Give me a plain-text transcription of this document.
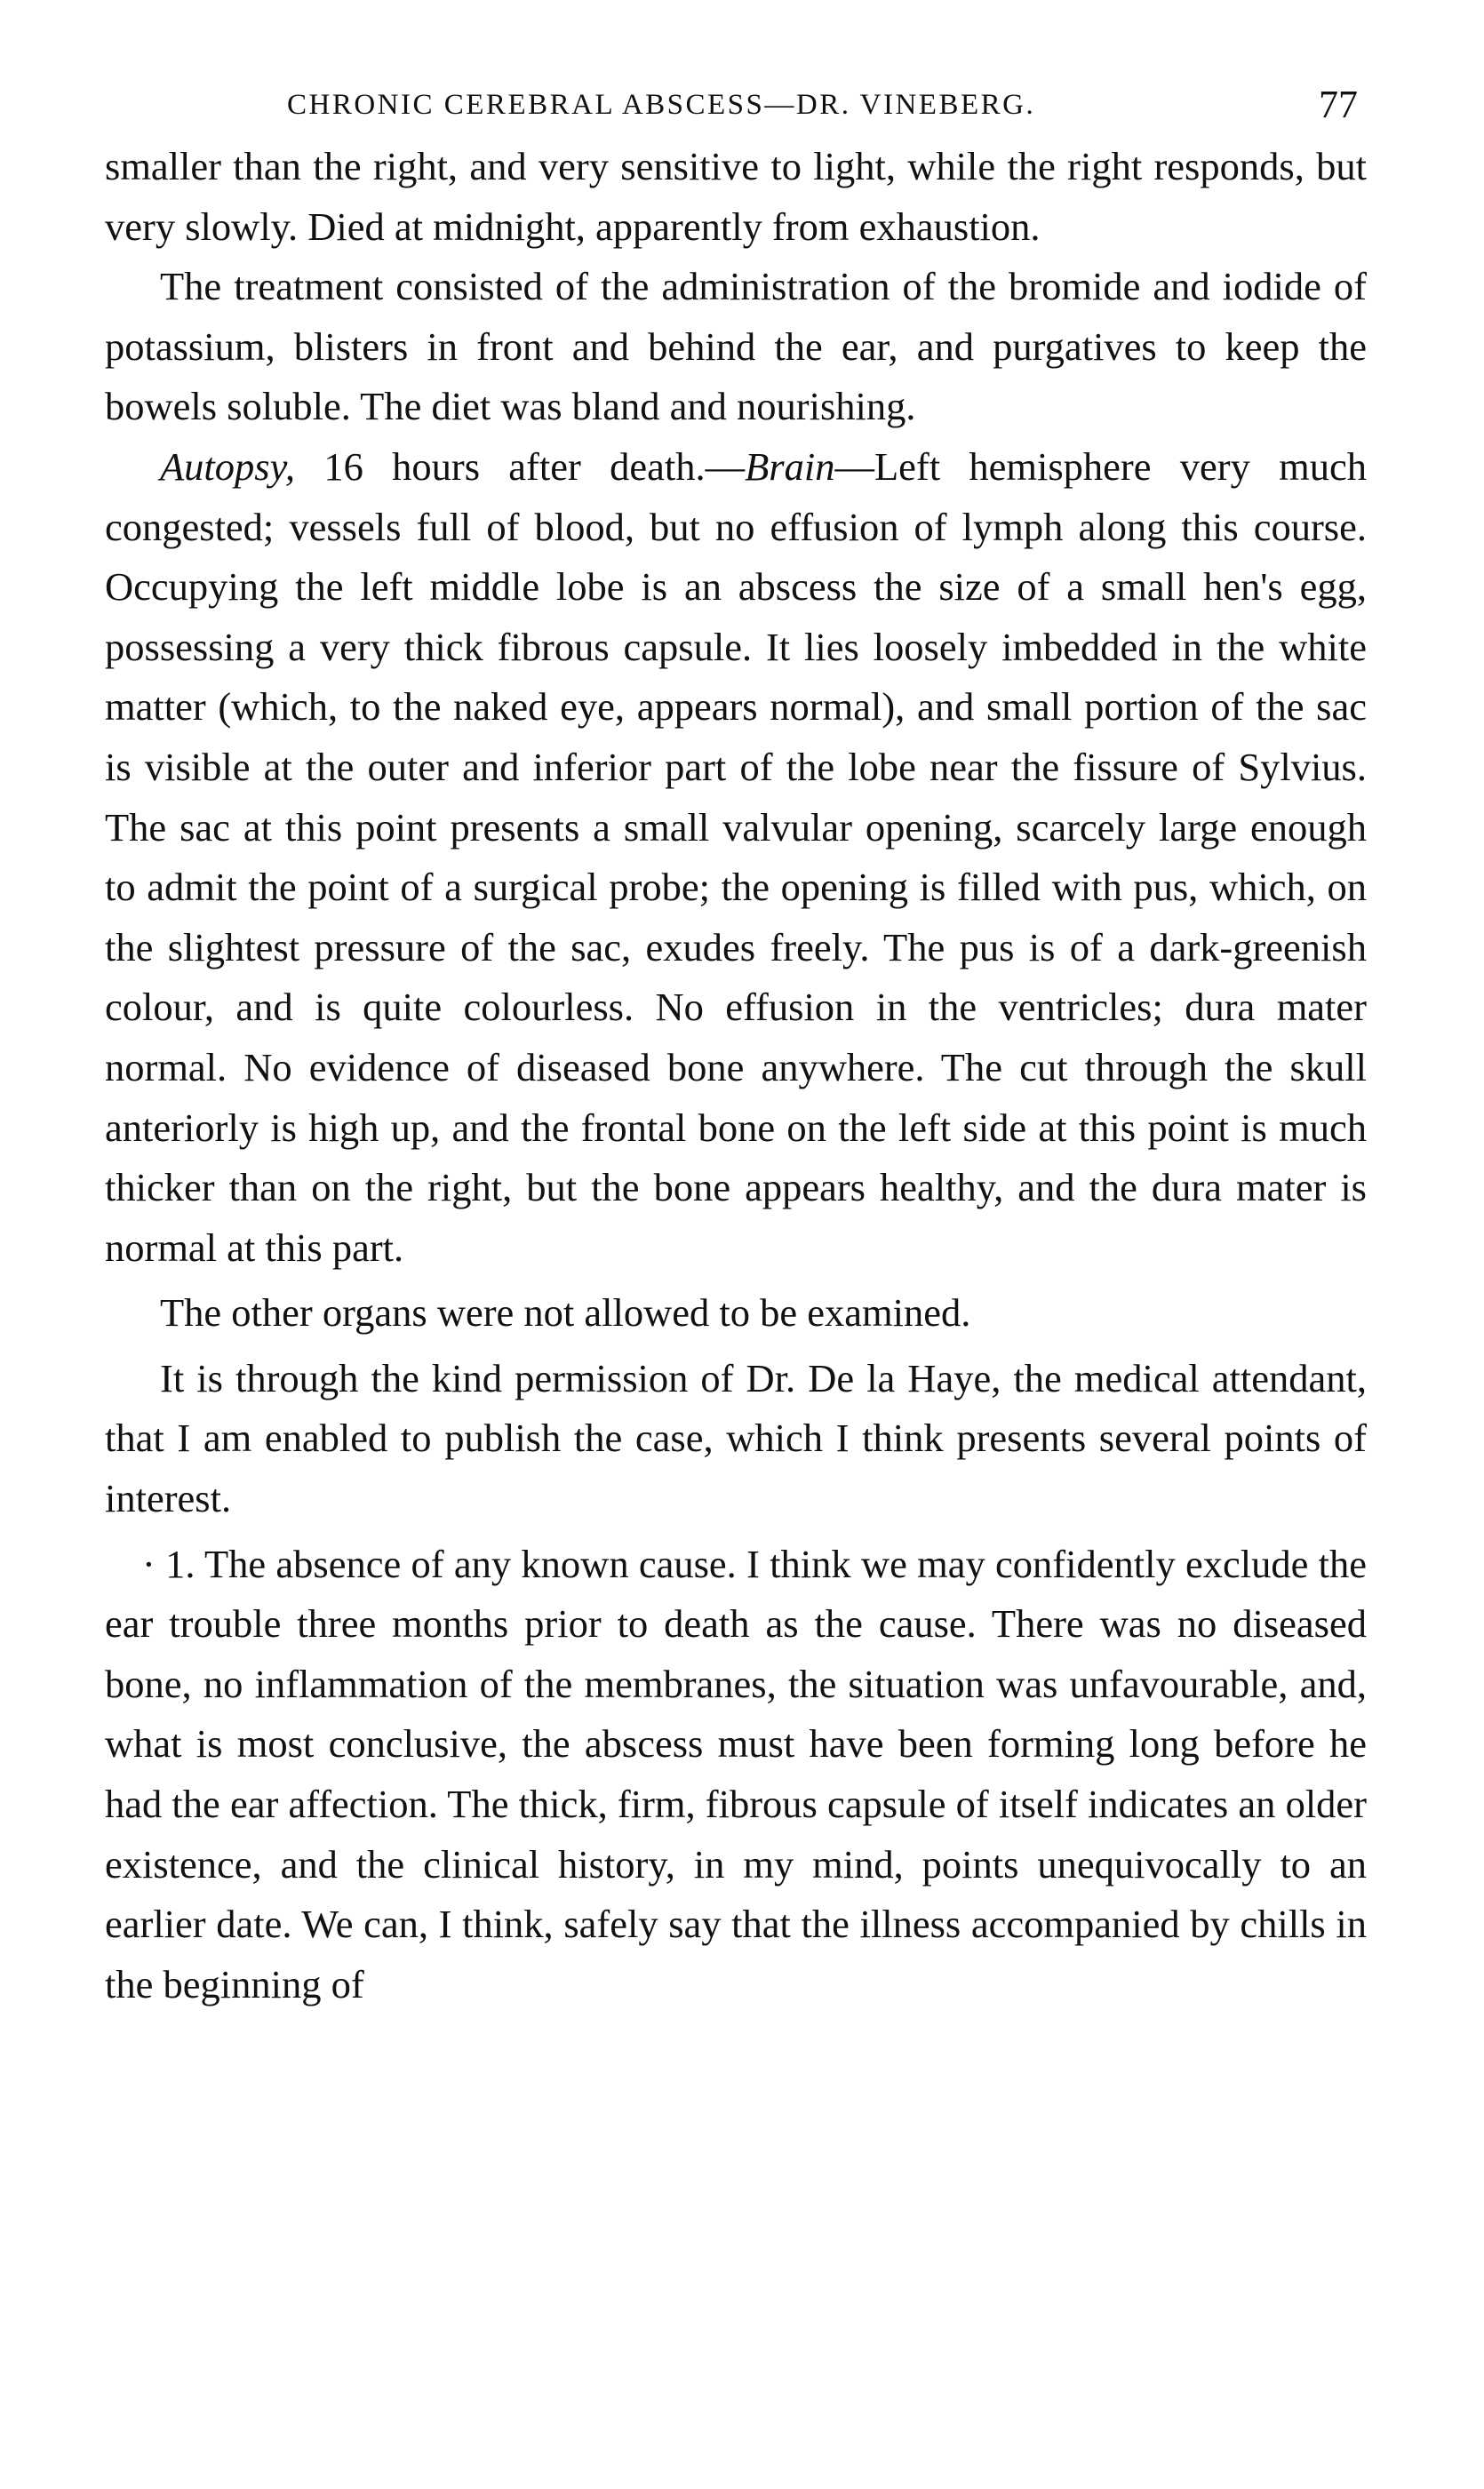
CHRONIC CEREBRAL ABSCESS—DR. VINEBERG.	77

smaller than the right, and very sensitive to light, while the right responds, but very slowly. Died at midnight, apparently from exhaustion.

The treatment consisted of the administration of the bromide and iodide of potassium, blisters in front and behind the ear, and purgatives to keep the bowels soluble. The diet was bland and nourishing.

Autopsy, 16 hours after death.—Brain—Left hemisphere very much congested; vessels full of blood, but no effusion of lymph along this course. Occupying the left middle lobe is an abscess the size of a small hen's egg, possessing a very thick fibrous capsule. It lies loosely imbedded in the white matter (which, to the naked eye, appears normal), and small portion of the sac is visible at the outer and inferior part of the lobe near the fissure of Sylvius. The sac at this point presents a small valvular opening, scarcely large enough to admit the point of a surgical probe; the opening is filled with pus, which, on the slightest pressure of the sac, exudes freely. The pus is of a dark-greenish colour, and is quite colourless. No effusion in the ventricles; dura mater normal. No evidence of diseased bone anywhere. The cut through the skull anteriorly is high up, and the frontal bone on the left side at this point is much thicker than on the right, but the bone appears healthy, and the dura mater is normal at this part.

The other organs were not allowed to be examined.

It is through the kind permission of Dr. De la Haye, the medical attendant, that I am enabled to publish the case, which I think presents several points of interest.

· 1. The absence of any known cause. I think we may confidently exclude the ear trouble three months prior to death as the cause. There was no diseased bone, no inflammation of the membranes, the situation was unfavourable, and, what is most conclusive, the abscess must have been forming long before he had the ear affection. The thick, firm, fibrous capsule of itself indicates an older existence, and the clinical history, in my mind, points unequivocally to an earlier date. We can, I think, safely say that the illness accompanied by chills in the beginning of
